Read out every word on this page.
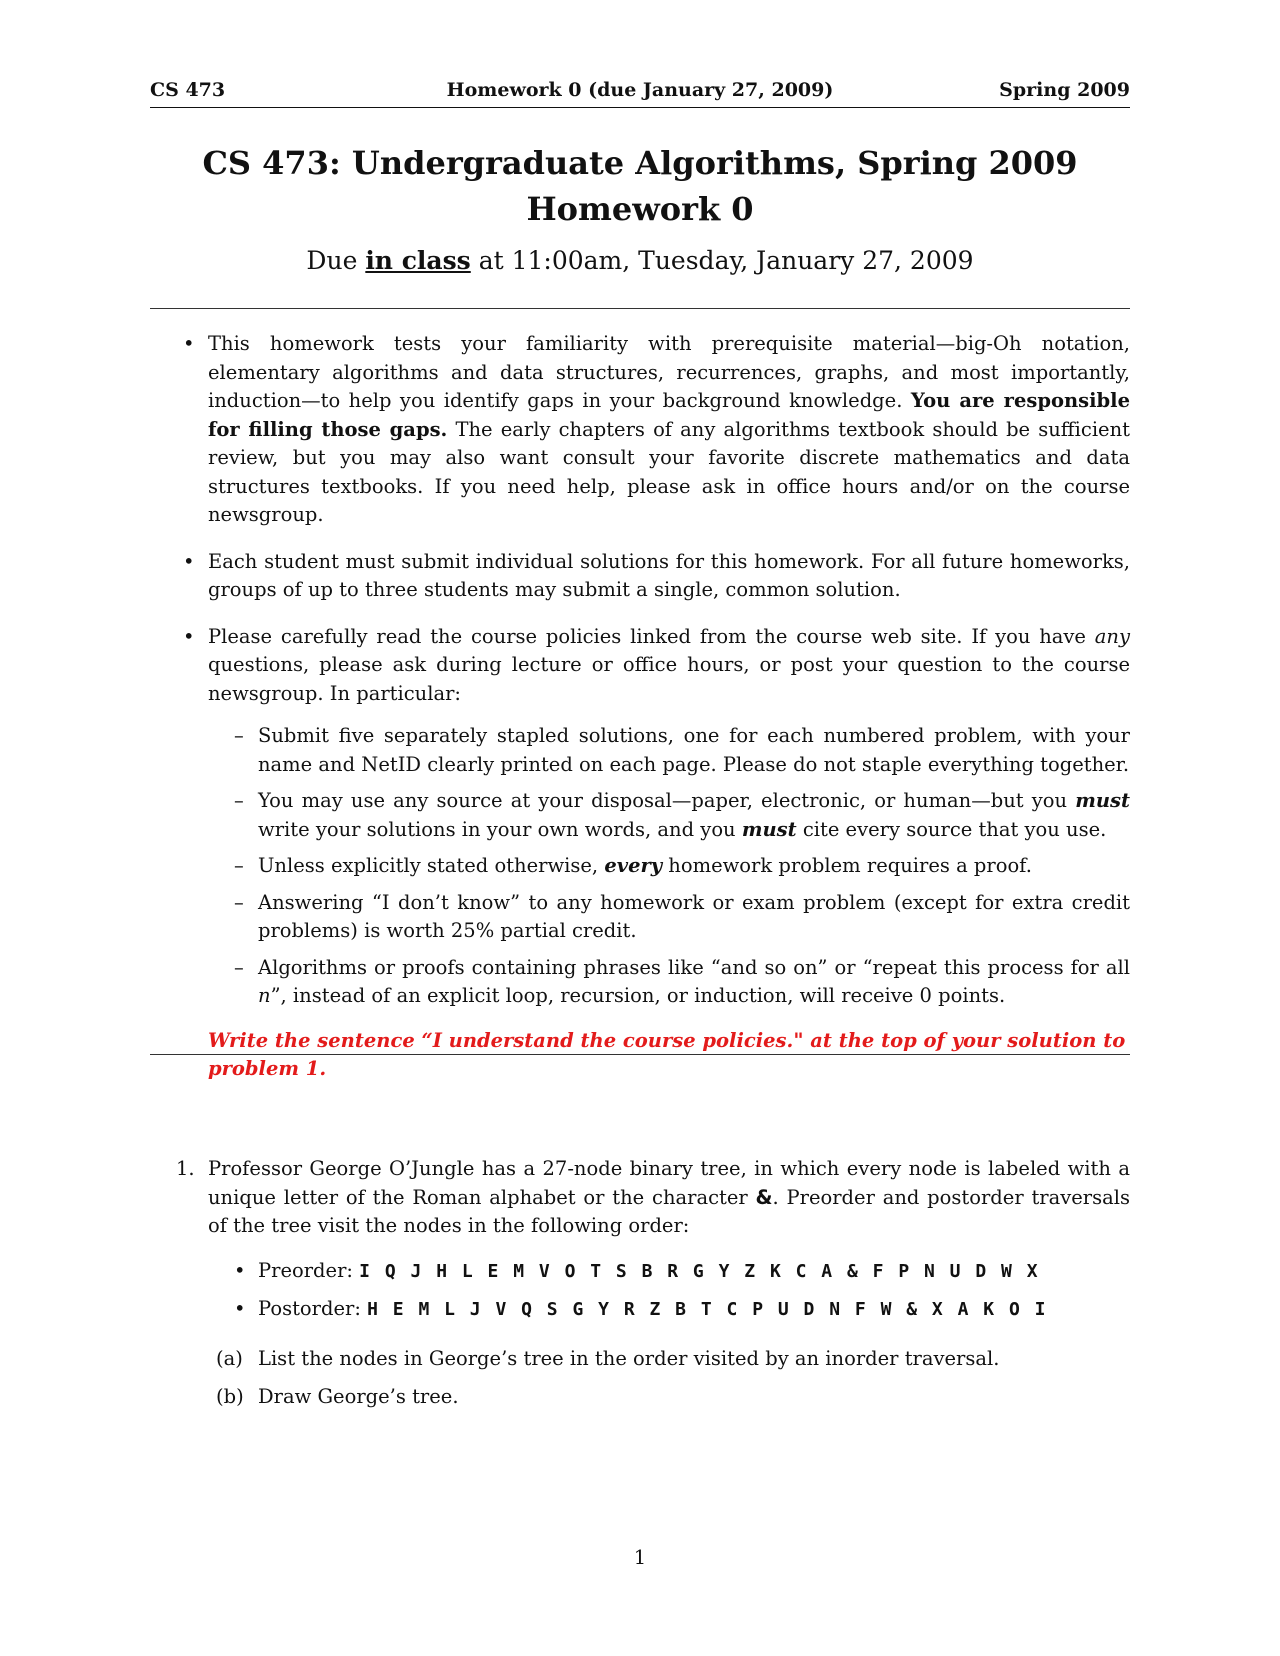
Homework 0 (due January 27, 2009)
CS 473	Spring 2009
CS 473: Undergraduate Algorithms, Spring 2009
Homework 0
Due in class at 11:00am, Tuesday, January 27, 2009
• This homework tests your familiarity with prerequisite material—big-Oh notation, elementary algorithms and data structures, recurrences, graphs, and most importantly, induction—to help you identify gaps in your background knowledge. You are responsible for filling those gaps. The early chapters of any algorithms textbook should be sufficient review, but you may also want consult your favorite discrete mathematics and data structures textbooks. If you need help, please ask in office hours and/or on the course newsgroup.
• Each student must submit individual solutions for this homework. For all future homeworks, groups of up to three students may submit a single, common solution.
• Please carefully read the course policies linked from the course web site. If you have any questions, please ask during lecture or office hours, or post your question to the course newsgroup. In particular:
– Submit five separately stapled solutions, one for each numbered problem, with your name and NetID clearly printed on each page. Please do not staple everything together.
– You may use any source at your disposal—paper, electronic, or human—but you must write your solutions in your own words, and you must cite every source that you use.
– Unless explicitly stated otherwise, every homework problem requires a proof.
– Answering “I don’t know” to any homework or exam problem (except for extra credit problems) is worth 25% partial credit.
– Algorithms or proofs containing phrases like “and so on” or “repeat this process for all n”, instead of an explicit loop, recursion, or induction, will receive 0 points.
Write the sentence “I understand the course policies." at the top of your solution to problem 1.
1. Professor George O’Jungle has a 27-node binary tree, in which every node is labeled with a unique letter of the Roman alphabet or the character &. Preorder and postorder traversals of the tree visit the nodes in the following order:
• Preorder: I Q J H L E M V O T S B R G Y Z K C A & F P N U D W X
• Postorder: H E M L J V Q S G Y R Z B T C P U D N F W & X A K O I
(a) List the nodes in George’s tree in the order visited by an inorder traversal.
(b) Draw George’s tree.
1
